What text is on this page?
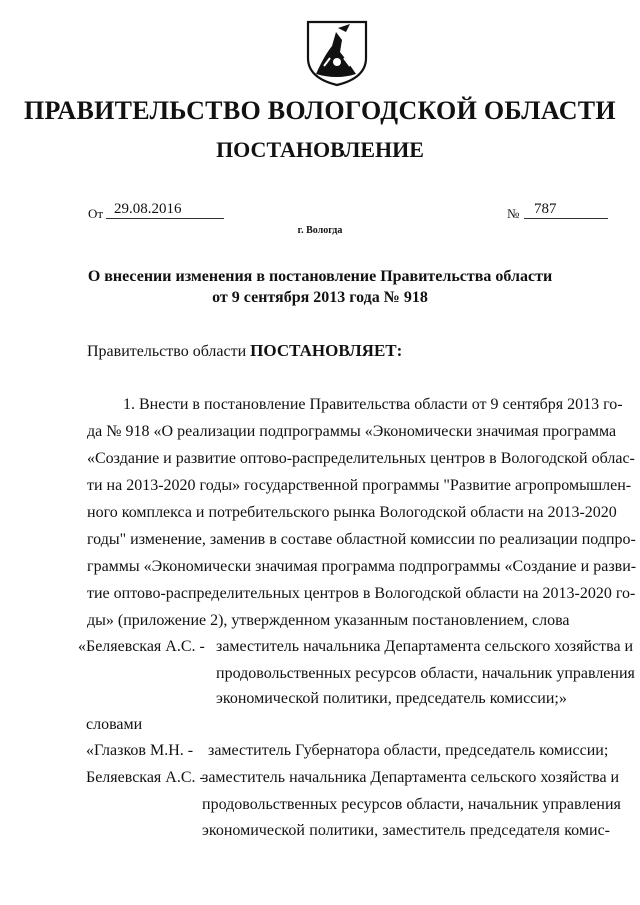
ПРАВИТЕЛЬСТВО ВОЛОГОДСКОЙ ОБЛАСТИ
ПОСТАНОВЛЕНИЕ
От 29.08.2016	№ 787
г. Вологда
О внесении изменения в постановление Правительства области
от 9 сентября 2013 года № 918
Правительство области ПОСТАНОВЛЯЕТ:
1. Внести в постановление Правительства области от 9 сентября 2013 го-
да № 918 «О реализации подпрограммы «Экономически значимая программа
«Создание и развитие оптово-распределительных центров в Вологодской облас-
ти на 2013-2020 годы» государственной программы "Развитие агропромышлен-
ного комплекса и потребительского рынка Вологодской области на 2013-2020
годы" изменение, заменив в составе областной комиссии по реализации подпро-
граммы «Экономически значимая программа подпрограммы «Создание и разви-
тие оптово-распределительных центров в Вологодской области на 2013-2020 го-
ды» (приложение 2), утвержденном указанным постановлением, слова
«Беляевская А.С. - заместитель начальника Департамента сельского хозяйства и
продовольственных ресурсов области, начальник управления
экономической политики, председатель комиссии;»
словами
«Глазков М.Н. - заместитель Губернатора области, председатель комиссии;
Беляевская А.С. -
заместитель начальника Департамента сельского хозяйства и
продовольственных ресурсов области, начальник управления
экономической политики, заместитель председателя комис-
